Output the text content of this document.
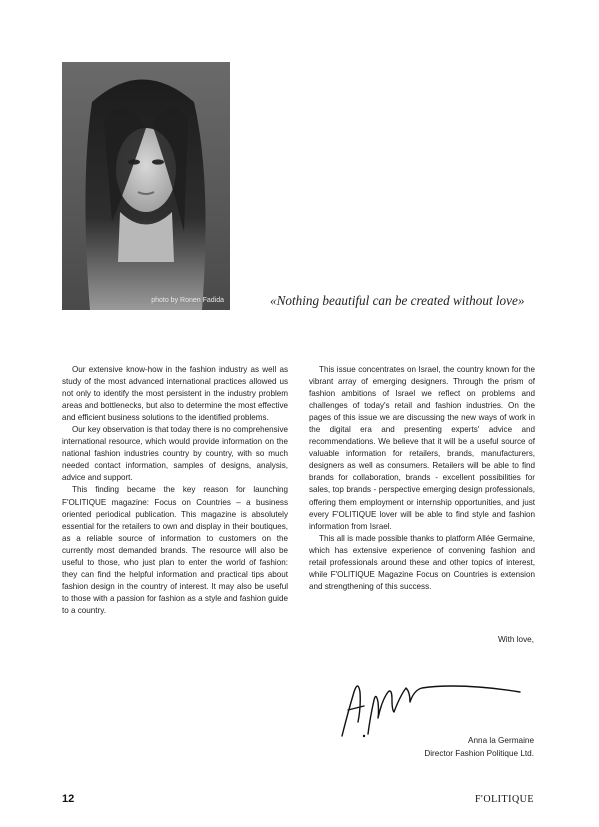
photo by Ronen Fadida	«Nothing beautiful can be created without love»

Our extensive know-how in the fashion industry as well as study of the most advanced international practices allowed us not only to identify the most persistent in the industry problem areas and bottlenecks, but also to determine the most effective and efficient business solutions to the identified problems.

Our key observation is that today there is no comprehensive international resource, which would provide information on the national fashion industries country by country, with so much needed contact information, samples of designs, analysis, advice and support.

This finding became the key reason for launching F'OLITIQUE magazine: Focus on Countries – a business oriented periodical publication. This magazine is absolutely essential for the retailers to own and display in their boutiques, as a reliable source of information to customers on the currently most demanded brands. The resource will also be useful to those, who just plan to enter the world of fashion: they can find the helpful information and practical tips about fashion design in the country of interest. It may also be useful to those with a passion for fashion as a style and fashion guide to a country.

This issue concentrates on Israel, the country known for the vibrant array of emerging designers. Through the prism of fashion ambitions of Israel we reflect on problems and challenges of today's retail and fashion industries. On the pages of this issue we are discussing the new ways of work in the digital era and presenting experts' advice and recommendations. We believe that it will be a useful source of valuable information for retailers, brands, manufacturers, designers as well as consumers. Retailers will be able to find brands for collaboration, brands - excellent possibilities for sales, top brands - perspective emerging design professionals, offering them employment or internship opportunities, and just every F'OLITIQUE lover will be able to find style and fashion information from Israel.

This all is made possible thanks to platform Allée Germaine, which has extensive experience of convening fashion and retail professionals around these and other topics of interest, while F'OLITIQUE Magazine Focus on Countries is extension and strengthening of this success.

With love,
Anna la Germaine
Director Fashion Politique Ltd.
12	F'OLITIQUE
